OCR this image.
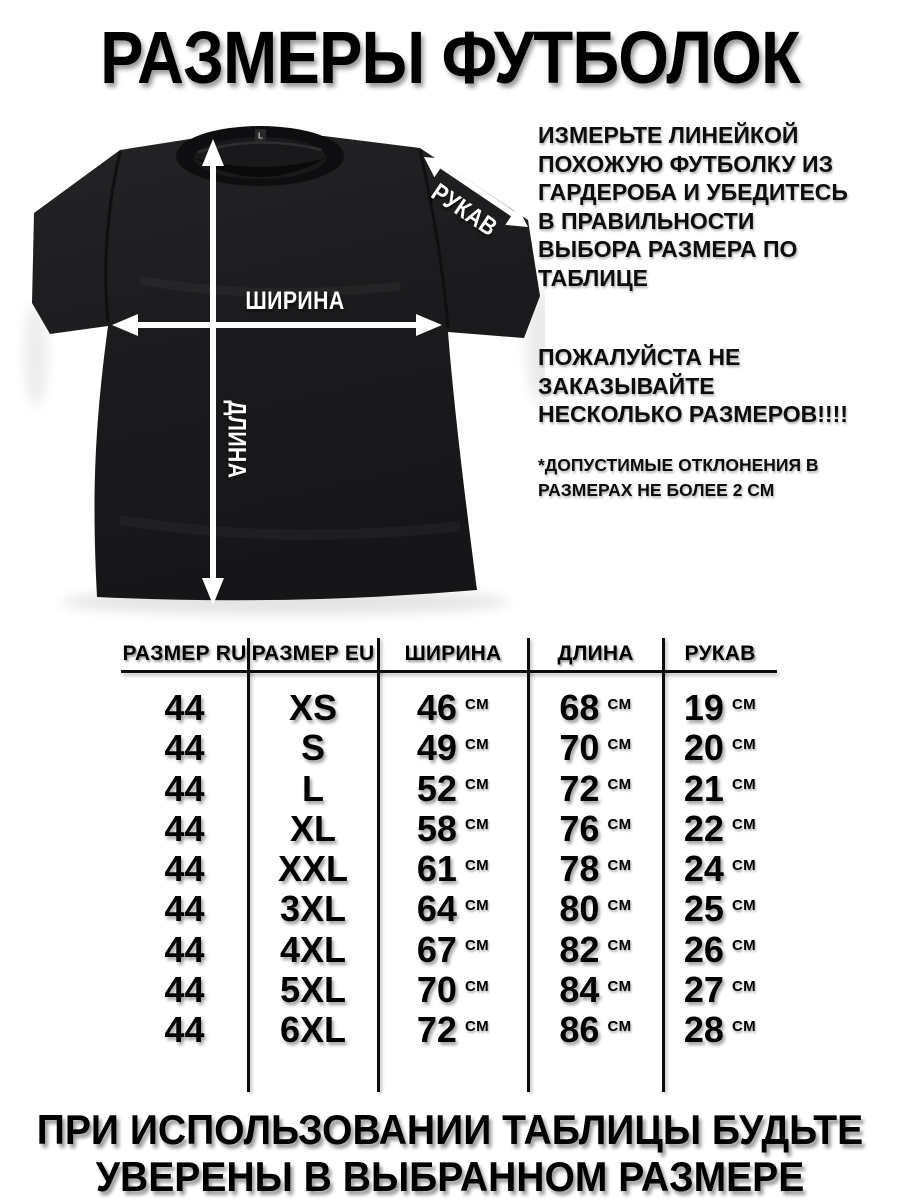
РАЗМЕРЫ ФУТБОЛОК
L
ШИРИНА
ДЛИНА
РУКАВ
ИЗМЕРЬТЕ ЛИНЕЙКОЙ
ПОХОЖУЮ ФУТБОЛКУ ИЗ
ГАРДЕРОБА И УБЕДИТЕСЬ
В ПРАВИЛЬНОСТИ
ВЫБОРА РАЗМЕРА ПО
ТАБЛИЦЕ
ПОЖАЛУЙСТА НЕ
ЗАКАЗЫВАЙТЕ
НЕСКОЛЬКО РАЗМЕРОВ!!!!
*ДОПУСТИМЫЕ ОТКЛОНЕНИЯ В
РАЗМЕРАХ НЕ БОЛЕЕ 2 СМ
РАЗМЕР RU РАЗМЕР EU	ШИРИНА	ДЛИНА	РУКАВ
44	XS	46 СМ 68 СМ 19 СМ
44	S	49 СМ 70 СМ 20 СМ
44	L	52 СМ 72 СМ 21 СМ
44	XL	58 СМ 76 СМ 22 СМ
44	XXL	61 СМ 78 СМ 24 СМ
44	3XL	64 СМ 80 СМ 25 СМ
44	4XL	67 СМ 82 СМ 26 СМ
44	5XL	70 СМ 84 СМ 27 СМ
44	6XL	72 СМ 86 СМ 28 СМ
ПРИ ИСПОЛЬЗОВАНИИ ТАБЛИЦЫ БУДЬТЕ
УВЕРЕНЫ В ВЫБРАННОМ РАЗМЕРЕ
